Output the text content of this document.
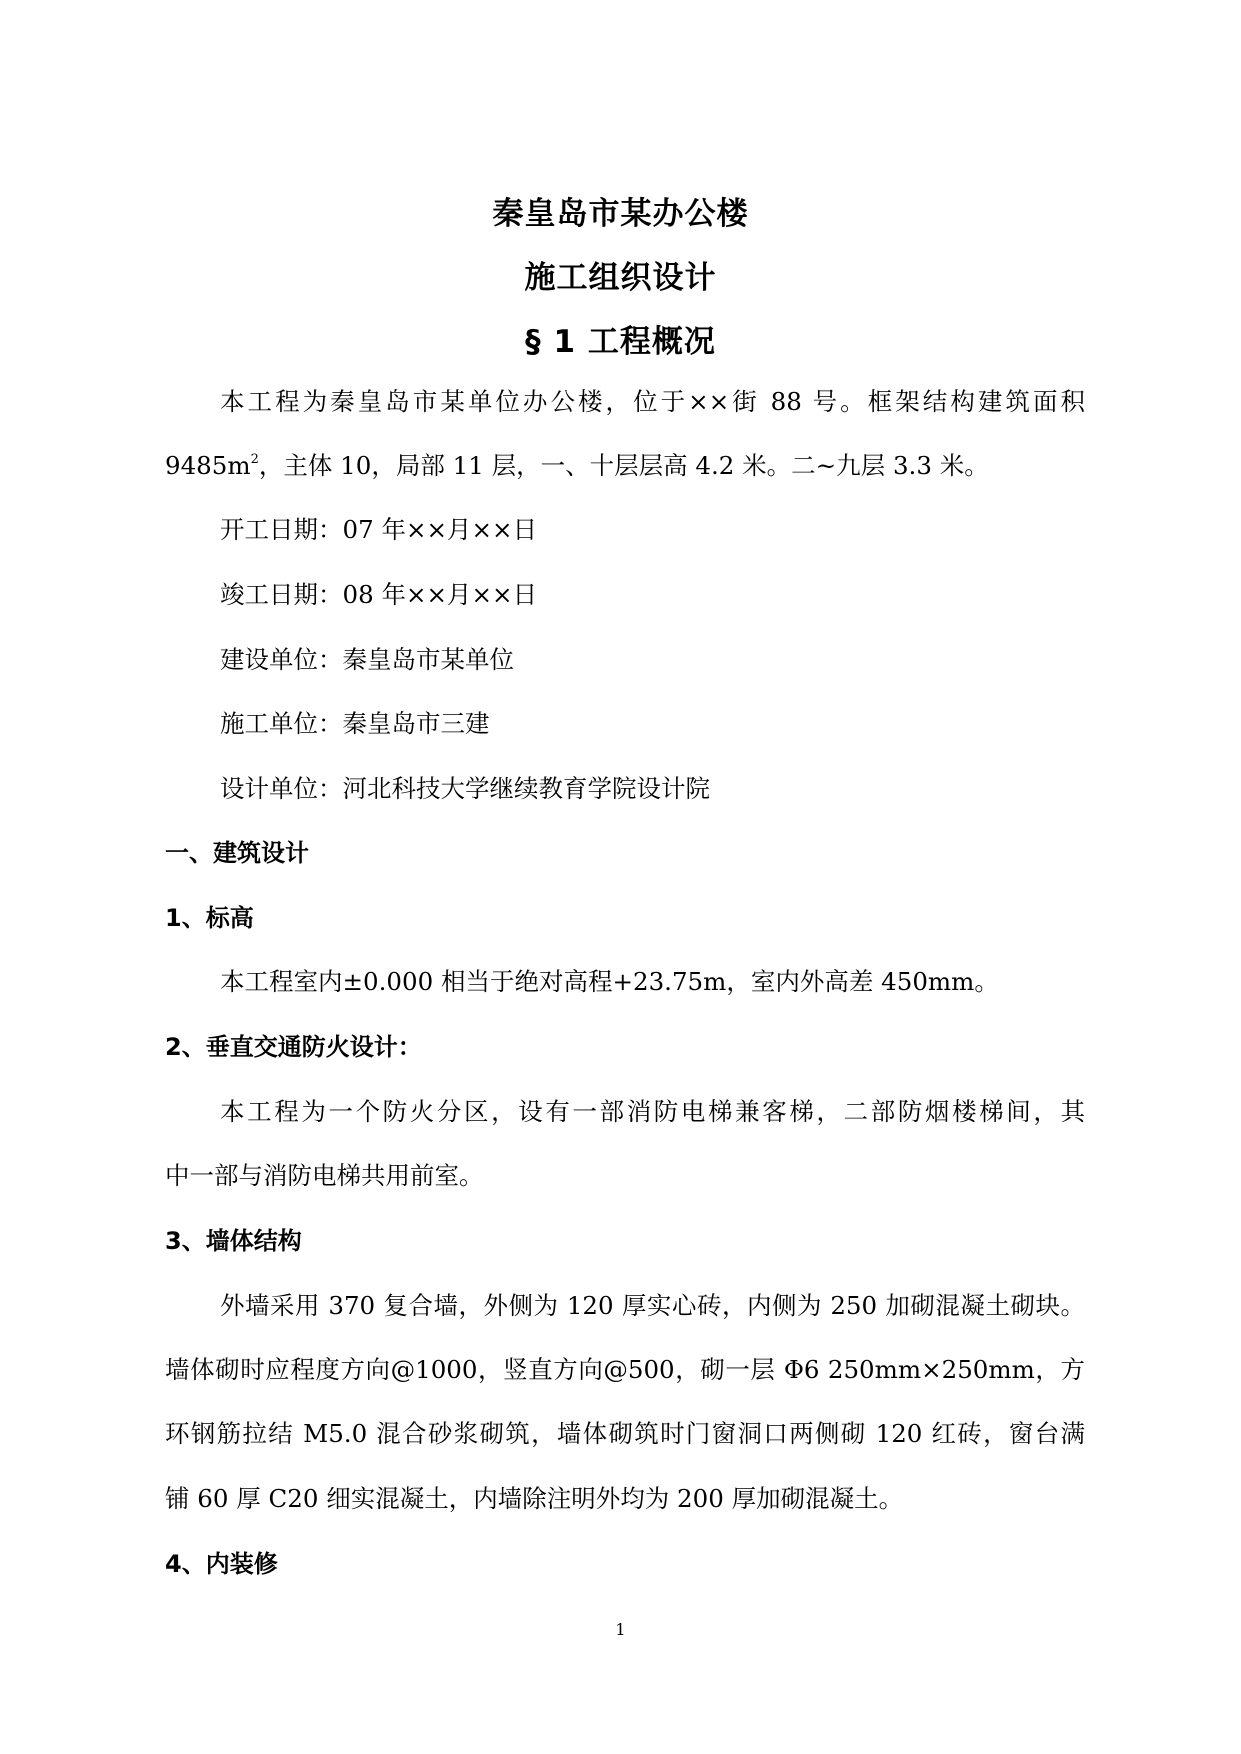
秦皇岛市某办公楼
施工组织设计
§ 1 工程概况
本工程为秦皇岛市某单位办公楼，位于××街 88 号。框架结构建筑面积
$9485m^2$，主体 10，局部 11 层，一、十层层高 4.2 米。二~九层 3.3 米。
开工日期：07 年××月××日
竣工日期：08 年××月××日
建设单位：秦皇岛市某单位
施工单位：秦皇岛市三建
设计单位：河北科技大学继续教育学院设计院
一、建筑设计
1、标高
本工程室内±0.000 相当于绝对高程+23.75m，室内外高差 450mm。
2、垂直交通防火设计：
本工程为一个防火分区，设有一部消防电梯兼客梯，二部防烟楼梯间，其
中一部与消防电梯共用前室。
3、墙体结构
外墙采用 370 复合墙，外侧为 120 厚实心砖，内侧为 250 加砌混凝土砌块。
墙体砌时应程度方向@1000，竖直方向@500，砌一层 Φ6 250mm×250mm，方
环钢筋拉结 M5.0 混合砂浆砌筑，墙体砌筑时门窗洞口两侧砌 120 红砖，窗台满
铺 60 厚 C20 细实混凝土，内墙除注明外均为 200 厚加砌混凝土。
4、内装修
1
